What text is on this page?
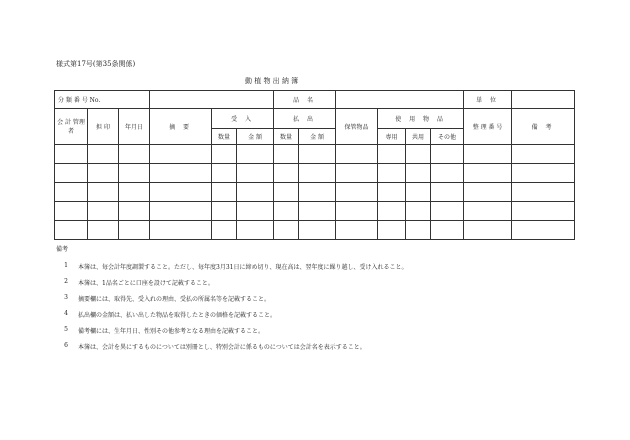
様式第17号(第35条関係)
動 植 物 出 納 簿
分 類 番 号 No.						品 名						単 位	
会 計 管理者	担 印	年月日	摘 要	受 入		払 出		保管物品	使 用 物 品			整 理 番 号	備 考
				数量	金 額	数量	金 額		専用	共用	その他		

備考
1 本簿は、毎会計年度調製すること。ただし、毎年度3月31日に締め切り、現在高は、翌年度に繰り越し、受け入れること。
2 本簿は、1品名ごとに口座を設けて記載すること。
3 摘要欄には、取得先、受入れの理由、受払の所属名等を記載すること。
4 払出欄の金額は、払い出した物品を取得したときの価格を記載すること。
5 備考欄には、生年月日、性別その他参考となる理由を記載すること。
6 本簿は、会計を異にするものについては別冊とし、特別会計に係るものについては会計名を表示すること。
